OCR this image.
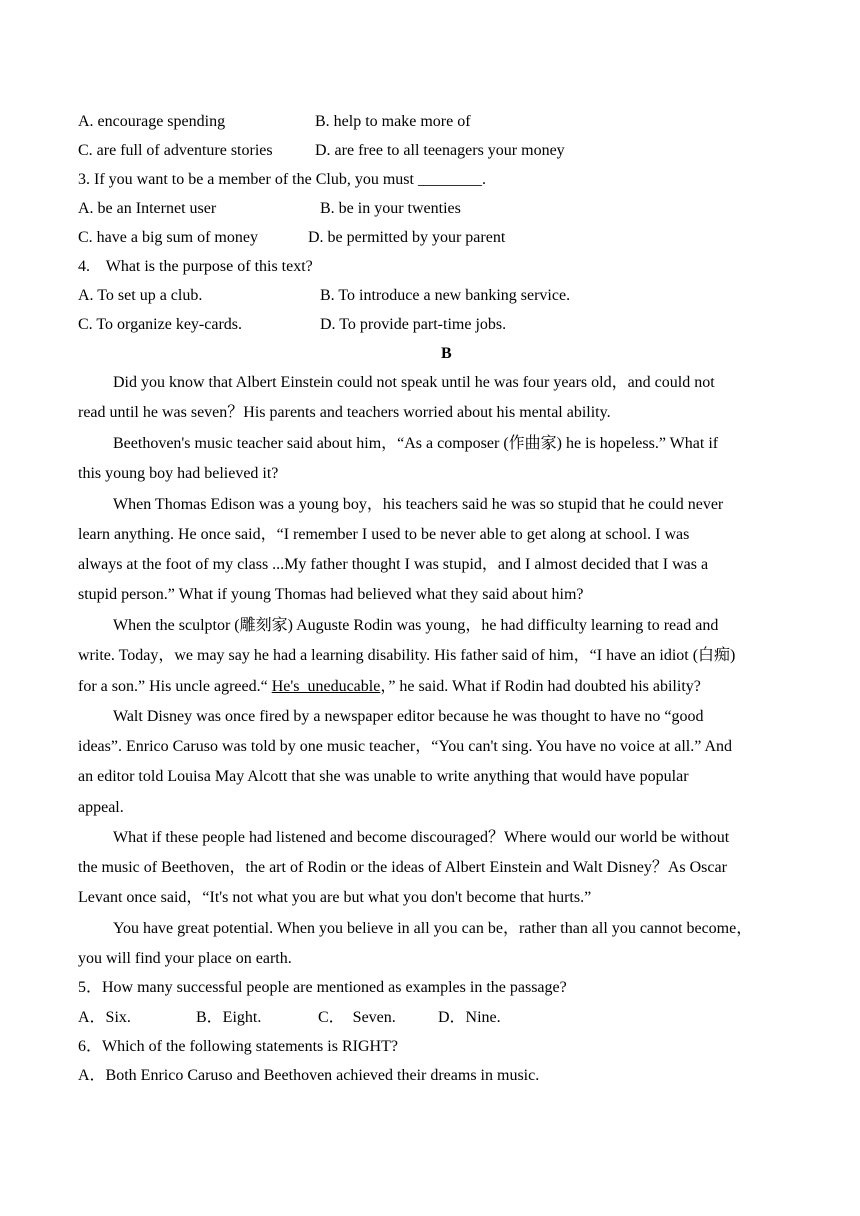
A. encourage spending	B. help to make more of
C. are full of adventure stories	D. are free to all teenagers your money
3. If you want to be a member of the Club, you must ________.
A. be an Internet user	B. be in your twenties
C. have a big sum of money	D. be permitted by your parent
4.    What is the purpose of this text?
A. To set up a club.	B. To introduce a new banking service.
C. To organize key-cards.	D. To provide part-time jobs.
B
Did you know that Albert Einstein could not speak until he was four years old，and could not
read until he was seven？His parents and teachers worried about his mental ability.
Beethoven's music teacher said about him，“As a composer (作曲家) he is hopeless.” What if
this young boy had believed it?
When Thomas Edison was a young boy，his teachers said he was so stupid that he could never
learn anything. He once said，“I remember I used to be never able to get along at school. I was
always at the foot of my class ...My father thought I was stupid，and I almost decided that I was a
stupid person.” What if young Thomas had believed what they said about him?
When the sculptor (雕刻家) Auguste Rodin was young，he had difficulty learning to read and
write. Today，we may say he had a learning disability. His father said of him，“I have an idiot (白痴)
for a son.” His uncle agreed.“ He's  uneducable，” he said. What if Rodin had doubted his ability?
Walt Disney was once fired by a newspaper editor because he was thought to have no “good
ideas”. Enrico Caruso was told by one music teacher，“You can't sing. You have no voice at all.” And
an editor told Louisa May Alcott that she was unable to write anything that would have popular
appeal.
What if these people had listened and become discouraged？Where would our world be without
the music of Beethoven，the art of Rodin or the ideas of Albert Einstein and Walt Disney？As Oscar
Levant once said，“It's not what you are but what you don't become that hurts.”
You have great potential. When you believe in all you can be，rather than all you cannot become，
you will find your place on earth.
5．How many successful people are mentioned as examples in the passage?
A．Six.	B．Eight.	C．  Seven.	D．Nine.
6．Which of the following statements is RIGHT?
A．Both Enrico Caruso and Beethoven achieved their dreams in music.
